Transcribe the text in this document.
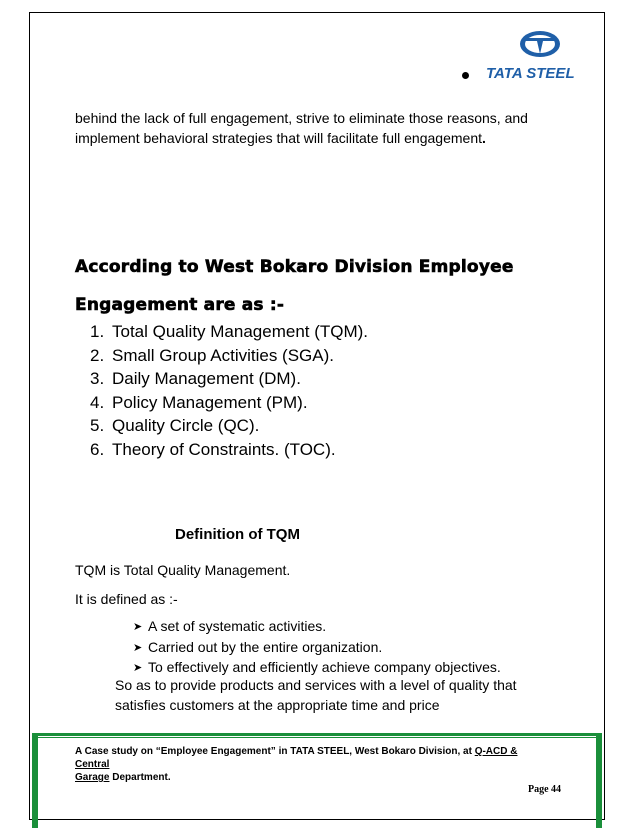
TATA STEEL
behind the lack of full engagement, strive to eliminate those reasons, and
implement behavioral strategies that will facilitate full engagement.
According to West Bokaro Division Employee
Engagement are as :-
1. Total Quality Management (TQM).
2. Small Group Activities (SGA).
3. Daily Management (DM).
4. Policy Management (PM).
5. Quality Circle (QC).
6. Theory of Constraints. (TOC).
Definition of TQM
TQM is Total Quality Management.
It is defined as :-
➤ A set of systematic activities.
➤ Carried out by the entire organization.
➤ To effectively and efficiently achieve company objectives.
So as to provide products and services with a level of quality that
satisfies customers at the appropriate time and price
A Case study on “Employee Engagement” in TATA STEEL, West Bokaro Division, at Q-ACD & Central
Garage Department.
Page 44
